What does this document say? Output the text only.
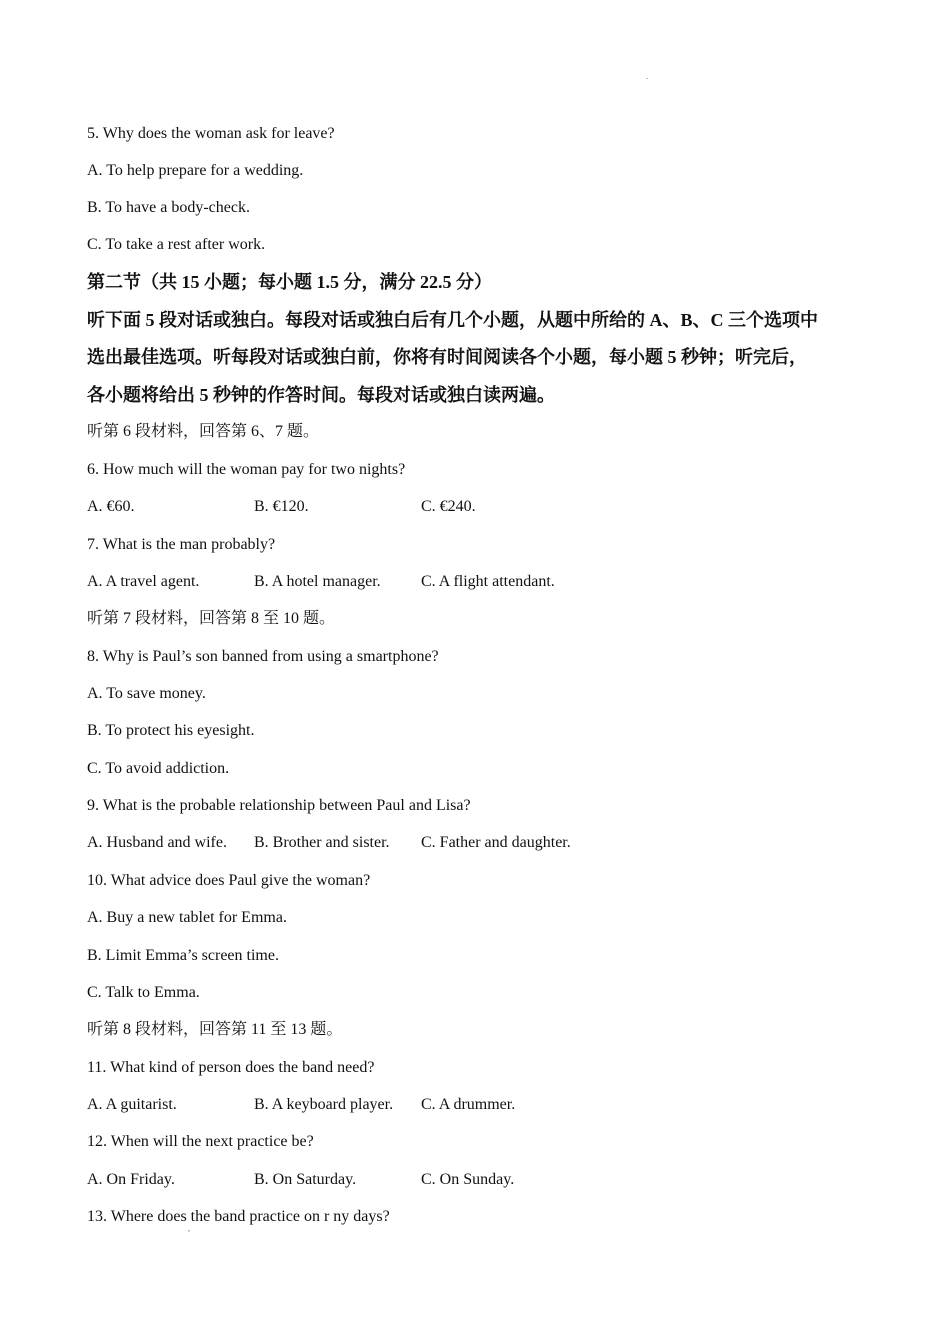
.
5. Why does the woman ask for leave?
A. To help prepare for a wedding.
B. To have a body-check.
C. To take a rest after work.
第二节（共 15 小题；每小题 1.5 分，满分 22.5 分）
听下面 5 段对话或独白。每段对话或独白后有几个小题，从题中所给的 A、B、C 三个选项中
选出最佳选项。听每段对话或独白前，你将有时间阅读各个小题，每小题 5 秒钟；听完后，
各小题将给出 5 秒钟的作答时间。每段对话或独白读两遍。
听第 6 段材料，回答第 6、7 题。
6. How much will the woman pay for two nights?
A. €60.	B. €120.	C. €240.
7. What is the man probably?
A. A travel agent.	B. A hotel manager.	C. A flight attendant.
听第 7 段材料，回答第 8 至 10 题。
8. Why is Paul’s son banned from using a smartphone?
A. To save money.
B. To protect his eyesight.
C. To avoid addiction.
9. What is the probable relationship between Paul and Lisa?
A. Husband and wife. B. Brother and sister. C. Father and daughter.
10. What advice does Paul give the woman?
A. Buy a new tablet for Emma.
B. Limit Emma’s screen time.
C. Talk to Emma.
听第 8 段材料，回答第 11 至 13 题。
11. What kind of person does the band need?
A. A guitarist.	B. A keyboard player. C. A drummer.
12. When will the next practice be?
A. On Friday.	B. On Saturday.	C. On Sunday.
13. Where does the band practice on r ny days?
,
